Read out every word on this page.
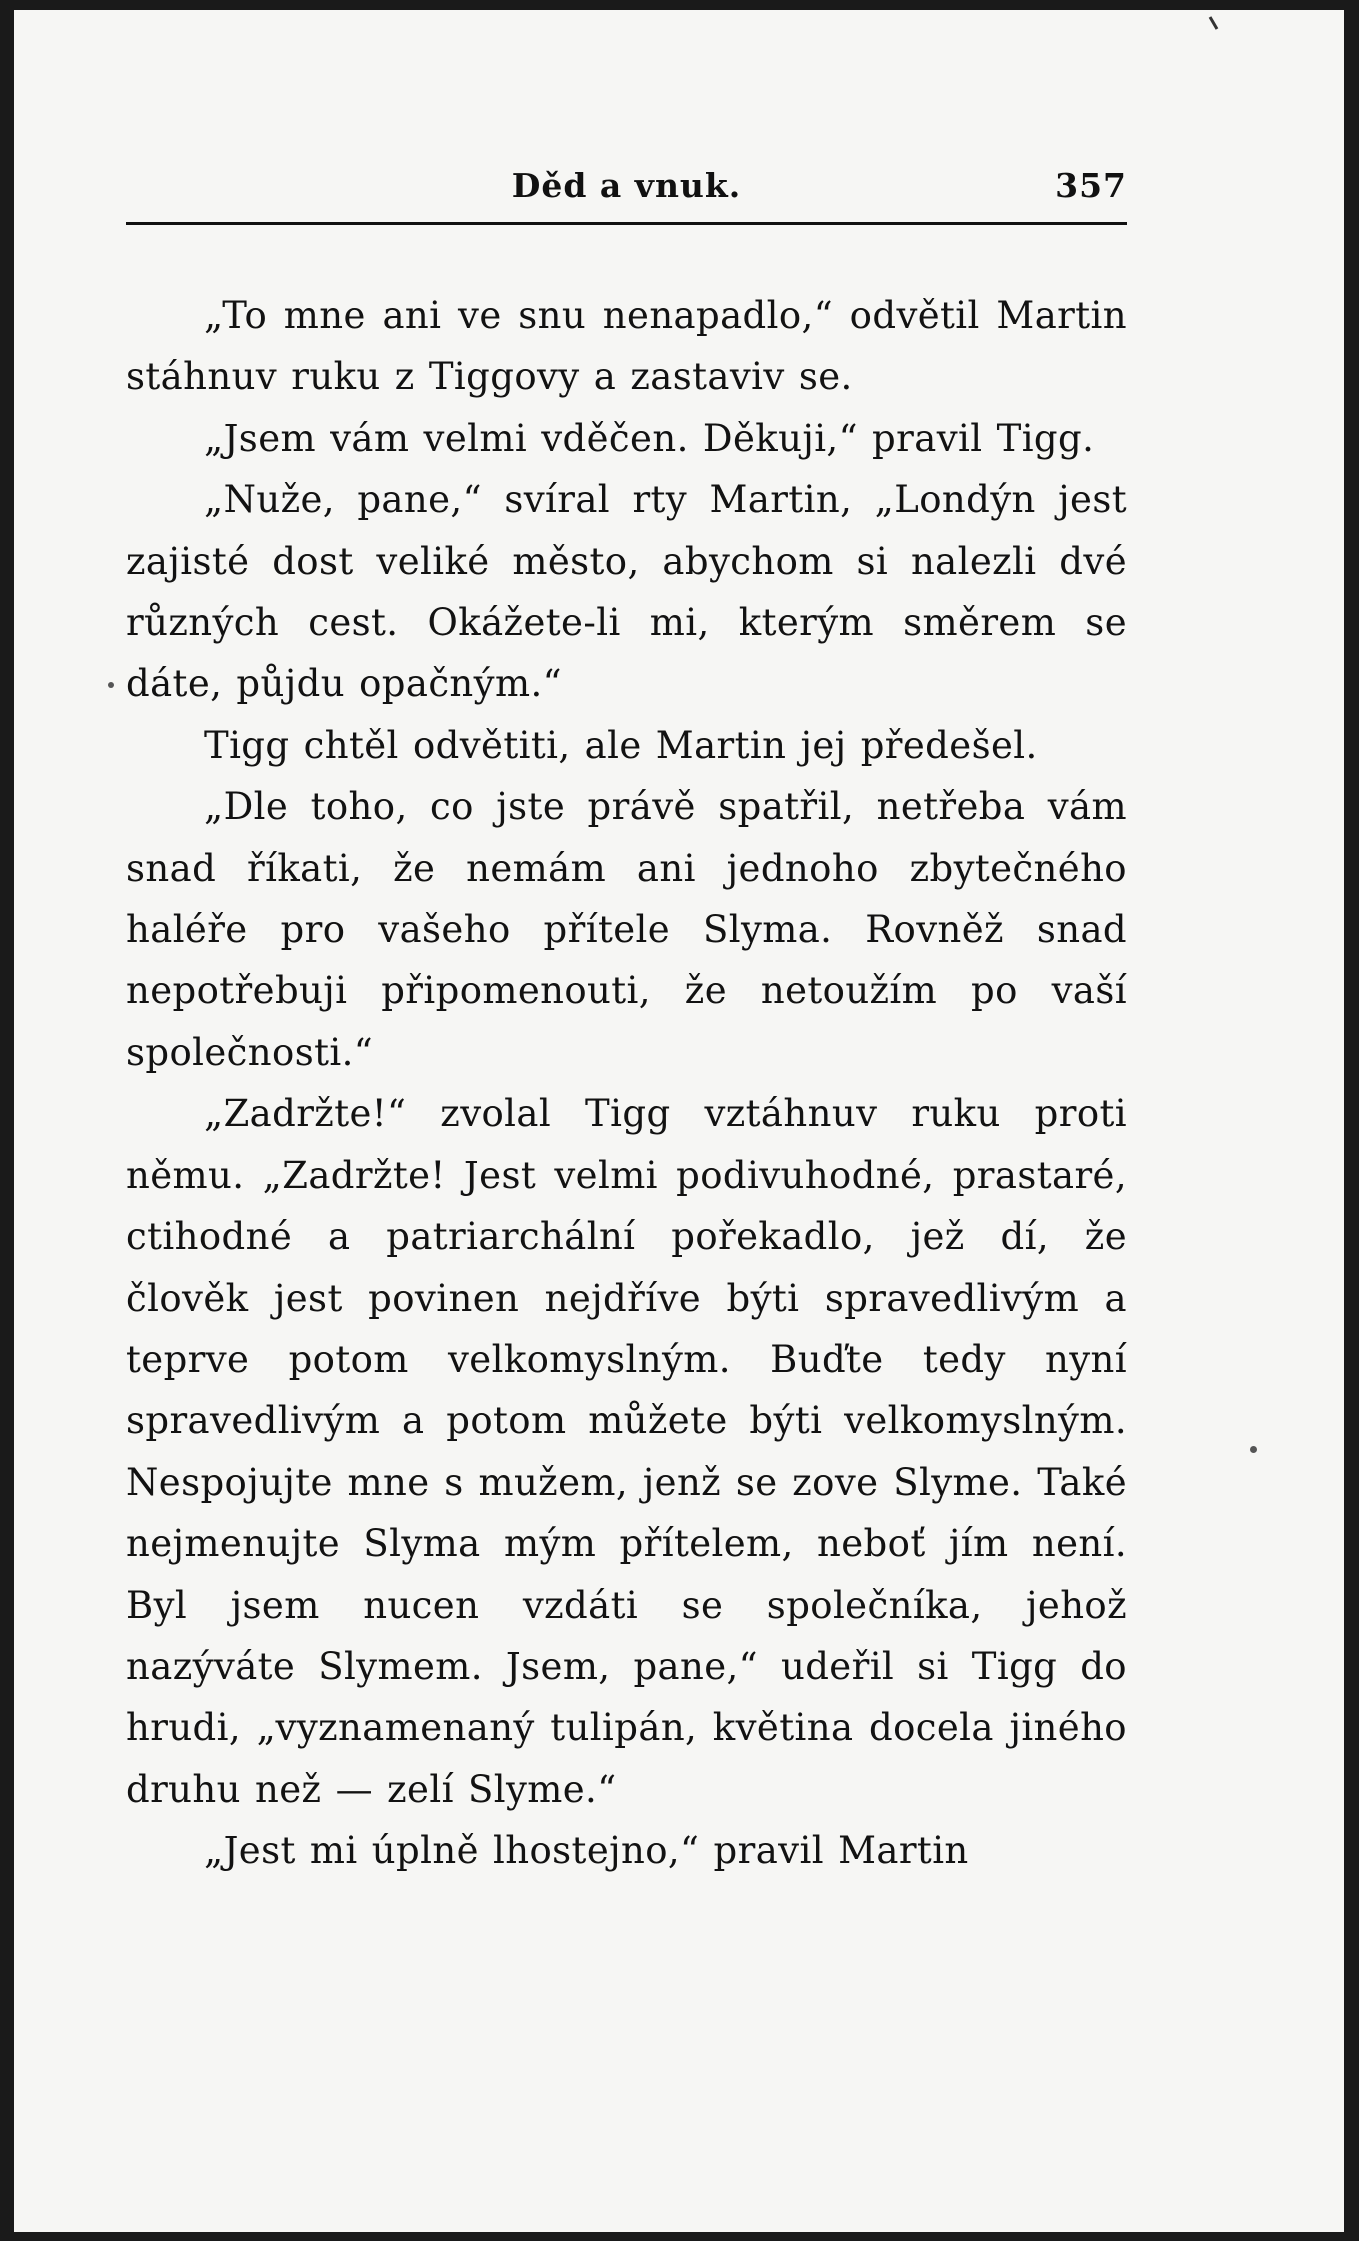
Děd a vnuk.	357

„To mne ani ve snu nenapadlo,“ odvětil Martin stáhnuv ruku z Tiggovy a zastaviv se.

„Jsem vám velmi vděčen. Děkuji,“ pravil Tigg.

„Nuže, pane,“ svíral rty Martin, „Londýn jest zajisté dost veliké město, abychom si nalezli dvé různých cest. Okážete-li mi, kterým směrem se dáte, půjdu opačným.“

Tigg chtěl odvětiti, ale Martin jej předešel.

„Dle toho, co jste právě spatřil, netřeba vám snad říkati, že nemám ani jednoho zbytečného haléře pro vašeho přítele Slyma. Rovněž snad nepotřebuji připomenouti, že netoužím po vaší společnosti.“

„Zadržte!“ zvolal Tigg vztáhnuv ruku proti němu. „Zadržte! Jest velmi podivuhodné, prastaré, ctihodné a patriarchální pořekadlo, jež dí, že člověk jest povinen nejdříve býti spravedlivým a teprve potom velkomyslným. Buďte tedy nyní spravedlivým a potom můžete býti velkomyslným. Nespojujte mne s mužem, jenž se zove Slyme. Také nejmenujte Slyma mým přítelem, neboť jím není. Byl jsem nucen vzdáti se společníka, jehož nazýváte Slymem. Jsem, pane,“ udeřil si Tigg do hrudi, „vyznamenaný tulipán, květina docela jiného druhu než — zelí Slyme.“

„Jest mi úplně lhostejno,“ pravil Martin
